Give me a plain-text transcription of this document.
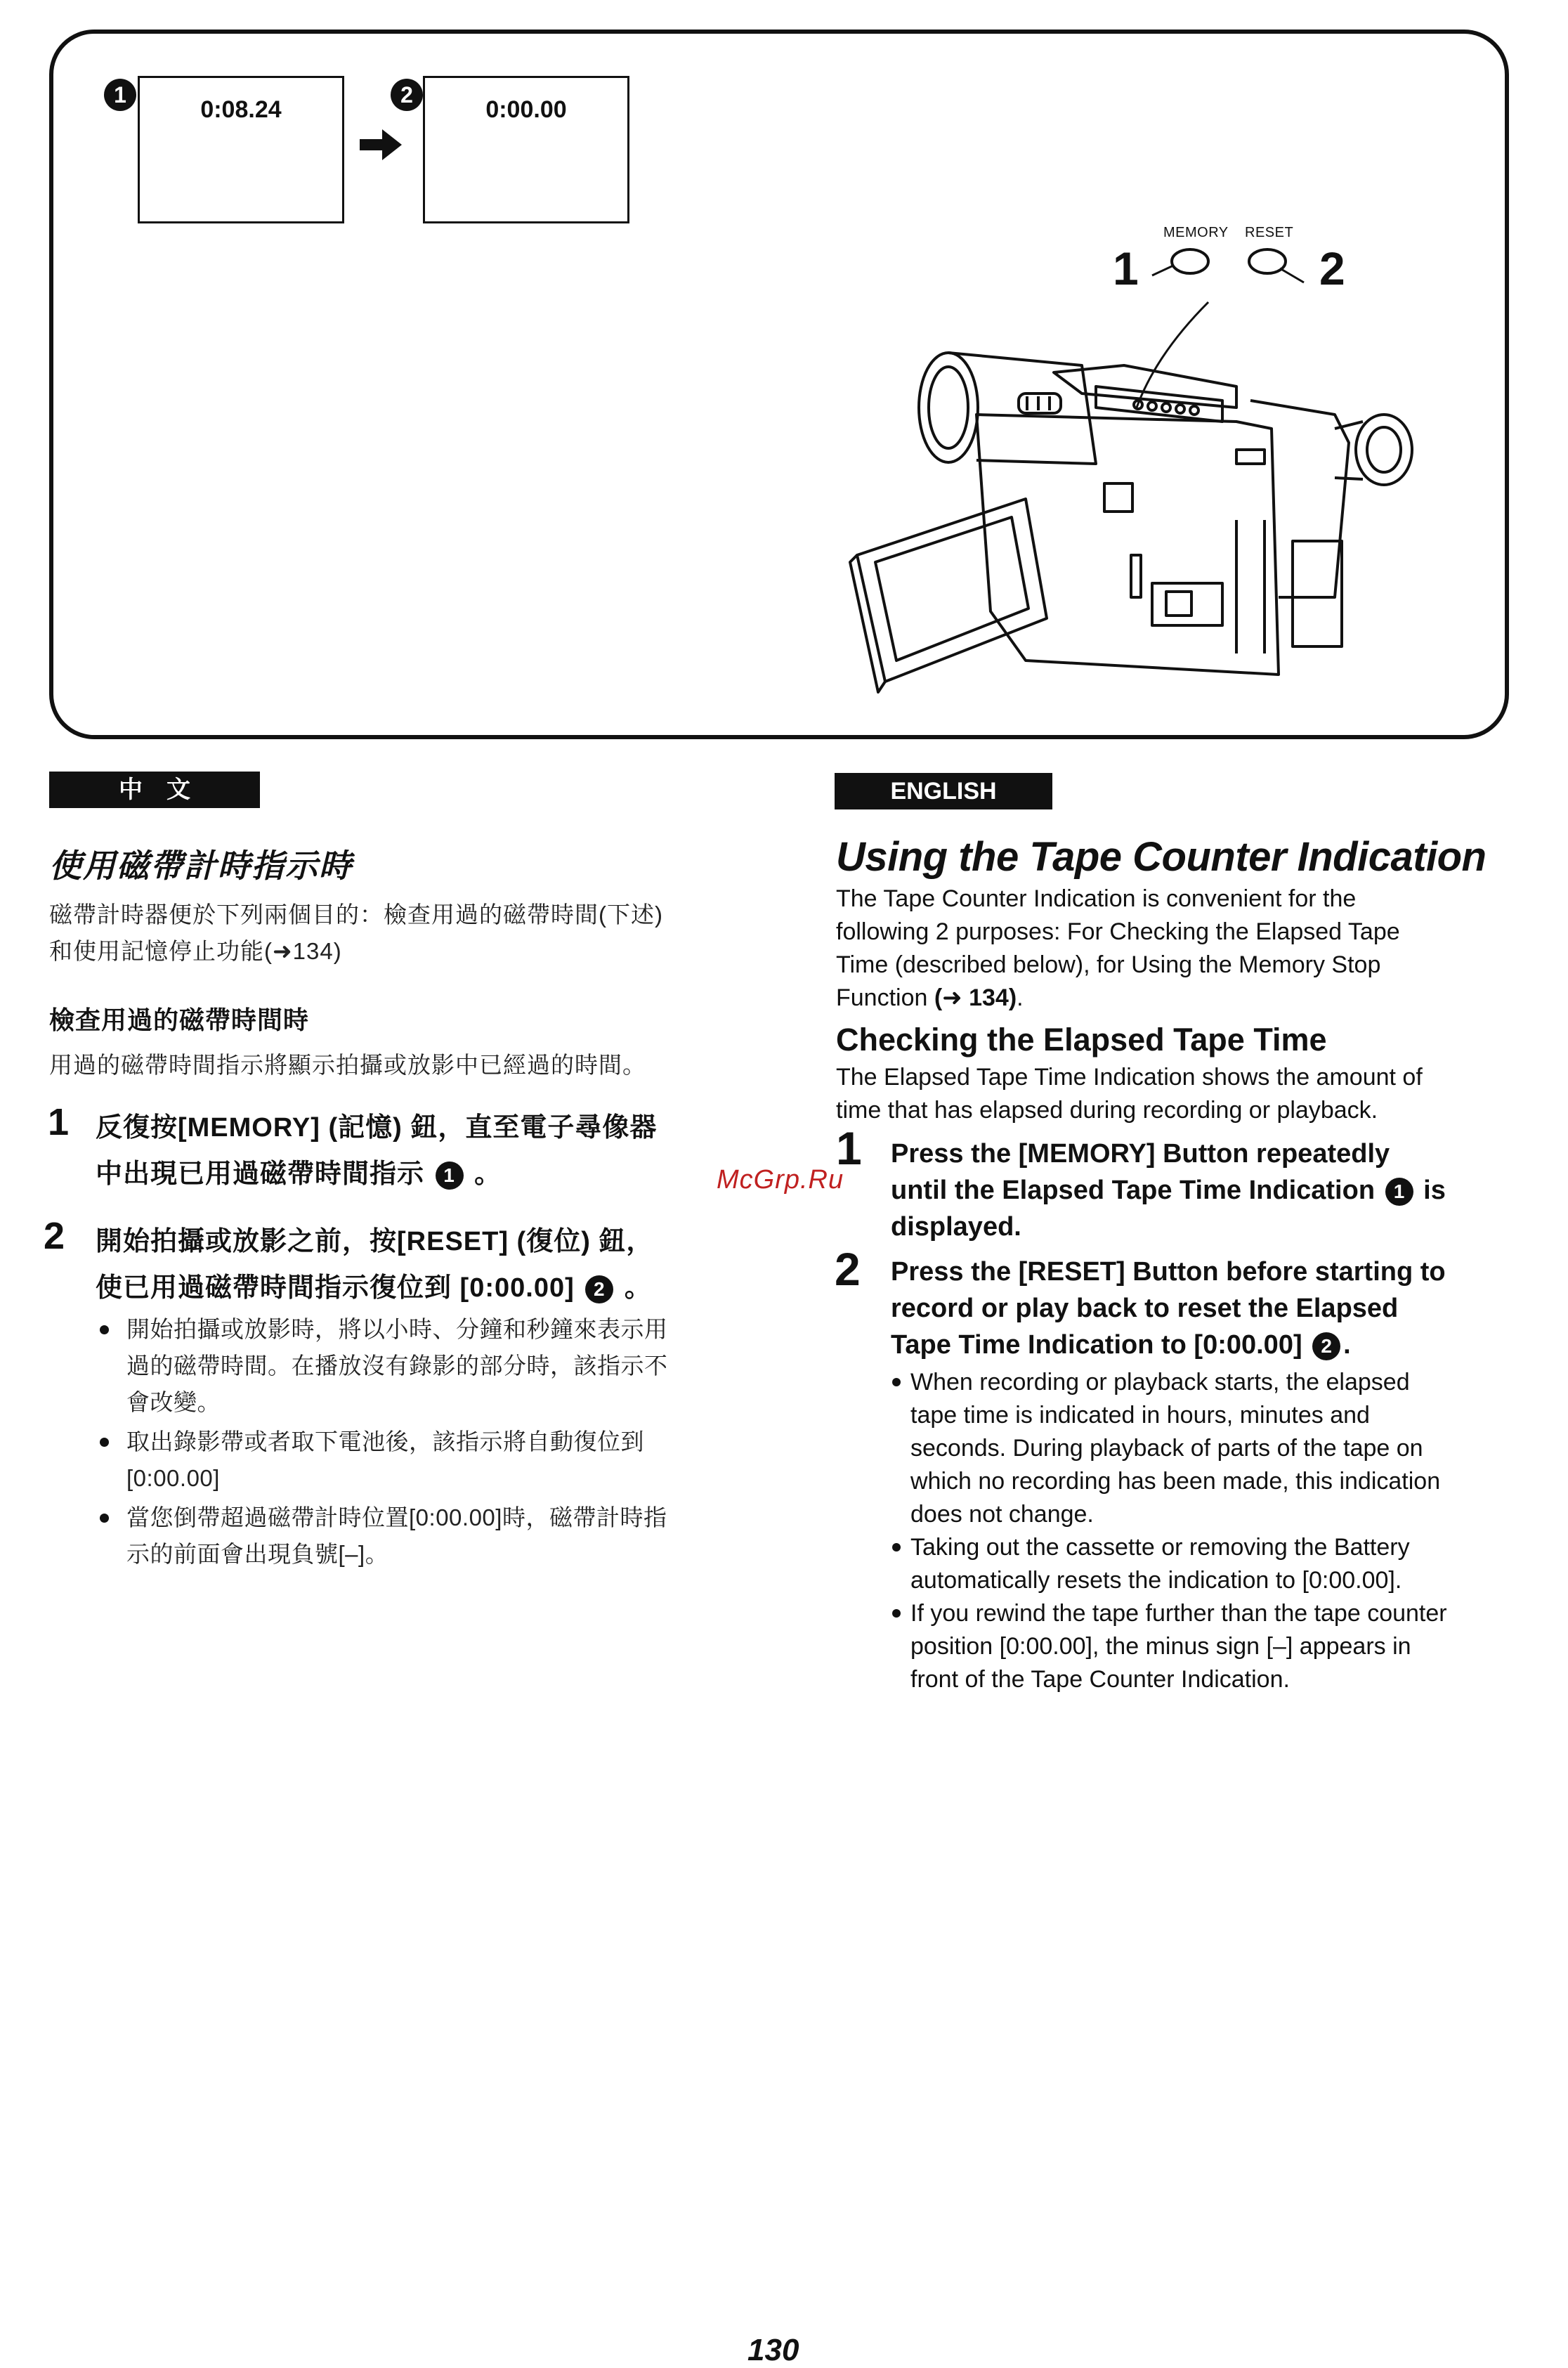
1
0:08.24
2
0:00.00
MEMORY RESET
1	2
中　文
使用磁帶計時指示時
磁帶計時器便於下列兩個目的：檢查用過的磁帶時間(下述)
和使用記憶停止功能(➜134)
檢查用過的磁帶時間時
用過的磁帶時間指示將顯示拍攝或放影中已經過的時間。
1 反復按[MEMORY] (記憶) 鈕，直至電子尋像器
中出現已用過磁帶時間指示 1 。
2 開始拍攝或放影之前，按[RESET] (復位) 鈕，
使已用過磁帶時間指示復位到 [0:00.00] 2 。
開始拍攝或放影時，將以小時、分鐘和秒鐘來表示用
過的磁帶時間。在播放沒有錄影的部分時，該指示不
會改變。
取出錄影帶或者取下電池後，該指示將自動復位到
[0:00.00]
當您倒帶超過磁帶計時位置[0:00.00]時，磁帶計時指
示的前面會出現負號[–]。
McGrp.Ru
ENGLISH
Using the Tape Counter Indication
The Tape Counter Indication is convenient for the
following 2 purposes: For Checking the Elapsed Tape
Time (described below), for Using the Memory Stop
Function (➜ 134).
Checking the Elapsed Tape Time
The Elapsed Tape Time Indication shows the amount of
time that has elapsed during recording or playback.
1 Press the [MEMORY] Button repeatedly
until the Elapsed Tape Time Indication 1 is
displayed.
2 Press the [RESET] Button before starting to
record or play back to reset the Elapsed
Tape Time Indication to [0:00.00] 2 .
When recording or playback starts, the elapsed
tape time is indicated in hours, minutes and
seconds. During playback of parts of the tape on
which no recording has been made, this indication
does not change.
Taking out the cassette or removing the Battery
automatically resets the indication to [0:00.00].
If you rewind the tape further than the tape counter
position [0:00.00], the minus sign [–] appears in
front of the Tape Counter Indication.
130
